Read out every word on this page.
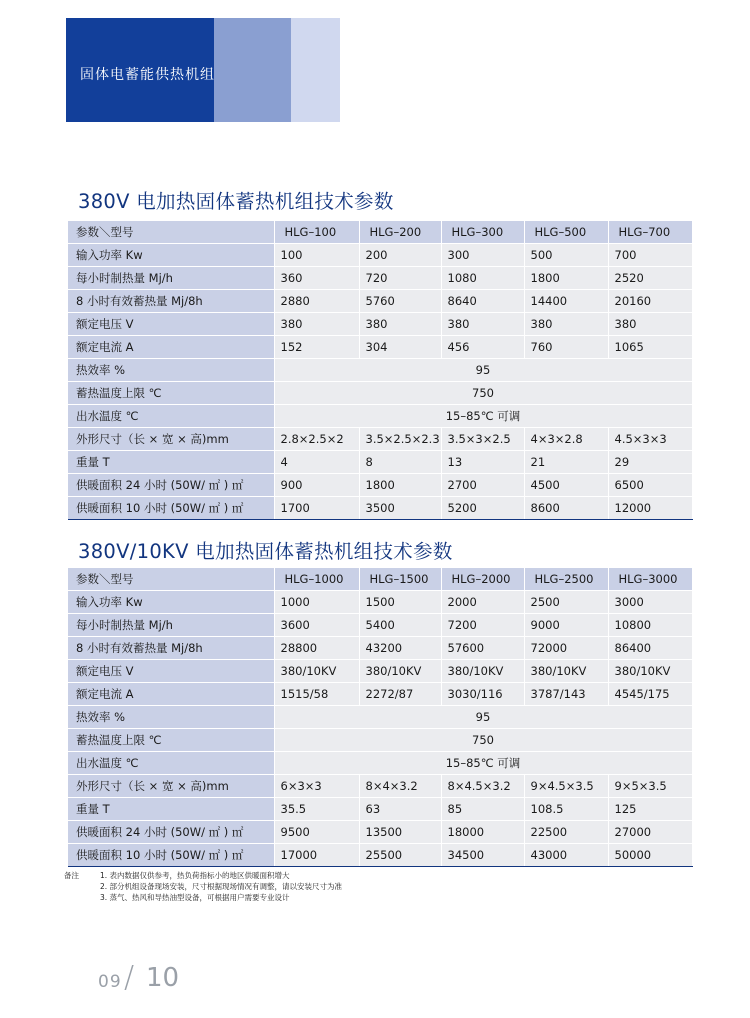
固体电蓄能供热机组
380V 电加热固体蓄热机组技术参数
参数＼型号	HLG–100	HLG–200	HLG–300	HLG–500	HLG–700
输入功率 Kw	100	200	300	500	700
每小时制热量 Mj/h	360	720	1080	1800	2520
8 小时有效蓄热量 Mj/8h	2880	5760	8640	14400	20160
额定电压 V	380	380	380	380	380
额定电流 A	152	304	456	760	1065
热效率 %	95				
蓄热温度上限 ℃	750				
出水温度 ℃	15–85℃ 可调				
外形尺寸（长 × 宽 × 高)mm	2.8×2.5×2	3.5×2.5×2.3	3.5×3×2.5	4×3×2.8	4.5×3×3
重量 T	4	8	13	21	29
供暖面积 24 小时 (50W/ ㎡ ) ㎡	900	1800	2700	4500	6500
供暖面积 10 小时 (50W/ ㎡ ) ㎡	1700	3500	5200	8600	12000
380V/10KV 电加热固体蓄热机组技术参数
参数＼型号	HLG–1000	HLG–1500	HLG–2000	HLG–2500	HLG–3000
输入功率 Kw	1000	1500	2000	2500	3000
每小时制热量 Mj/h	3600	5400	7200	9000	10800
8 小时有效蓄热量 Mj/8h	28800	43200	57600	72000	86400
额定电压 V	380/10KV	380/10KV	380/10KV	380/10KV	380/10KV
额定电流 A	1515/58	2272/87	3030/116	3787/143	4545/175
热效率 %	95				
蓄热温度上限 ℃	750				
出水温度 ℃	15–85℃ 可调				
外形尺寸（长 × 宽 × 高)mm	6×3×3	8×4×3.2	8×4.5×3.2	9×4.5×3.5	9×5×3.5
重量 T	35.5	63	85	108.5	125
供暖面积 24 小时 (50W/ ㎡ ) ㎡	9500	13500	18000	22500	27000
供暖面积 10 小时 (50W/ ㎡ ) ㎡	17000	25500	34500	43000	50000
备注	1. 表内数据仅供参考，热负荷指标小的地区供暖面积增大
2. 部分机组设备现场安装，尺寸根据现场情况有调整，请以安装尺寸为准
3. 蒸气、热风和导热油型设备，可根据用户需要专业设计
09 / 10
